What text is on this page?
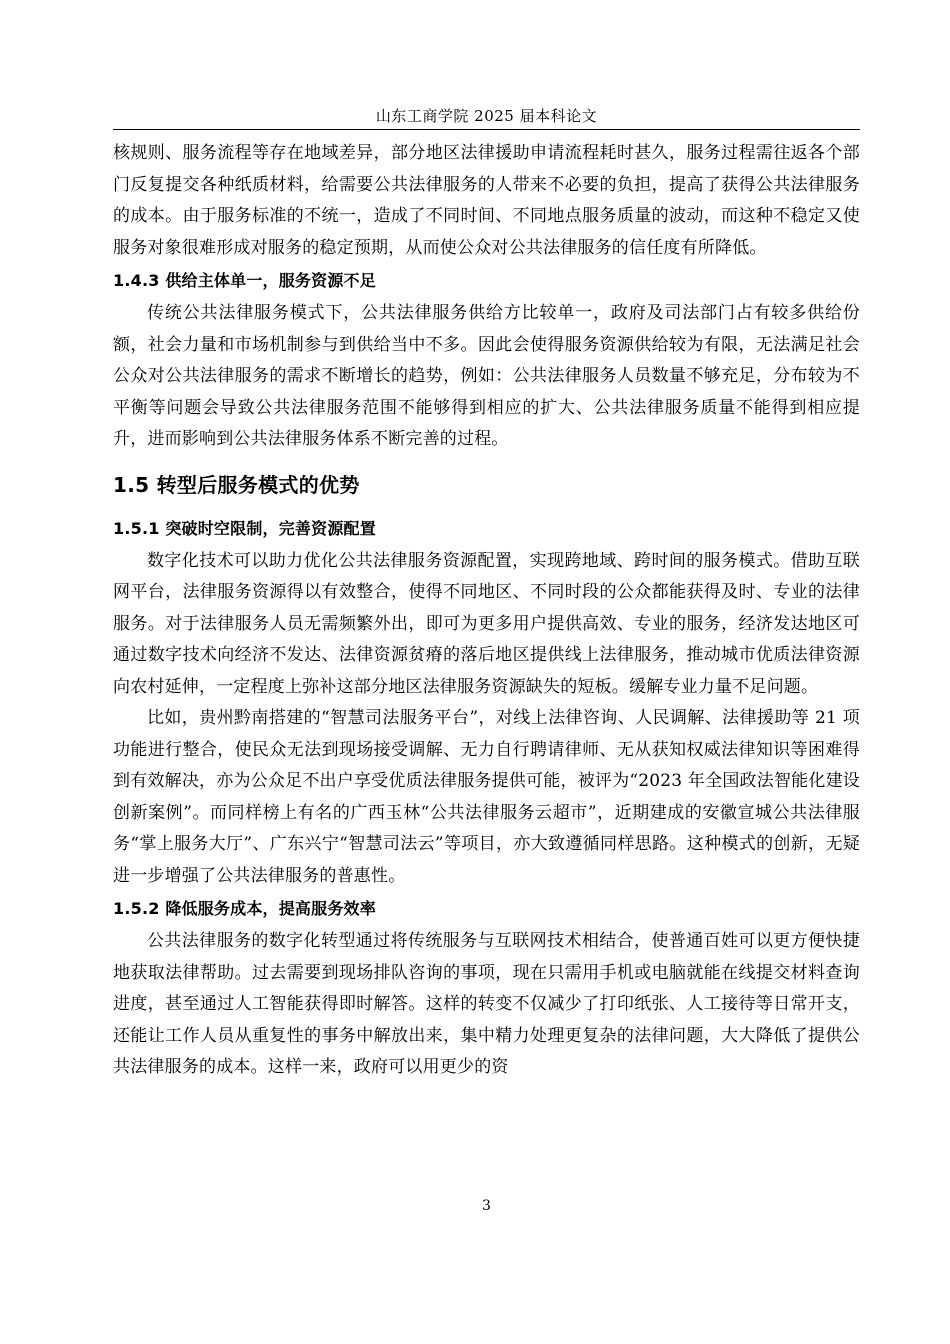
山东工商学院 2025 届本科论文

核规则、服务流程等存在地域差异，部分地区法律援助申请流程耗时甚久，服务过程需往返各个部门反复提交各种纸质材料，给需要公共法律服务的人带来不必要的负担，提高了获得公共法律服务的成本。由于服务标准的不统一，造成了不同时间、不同地点服务质量的波动，而这种不稳定又使服务对象很难形成对服务的稳定预期，从而使公众对公共法律服务的信任度有所降低。

1.4.3 供给主体单一，服务资源不足

传统公共法律服务模式下，公共法律服务供给方比较单一，政府及司法部门占有较多供给份额，社会力量和市场机制参与到供给当中不多。因此会使得服务资源供给较为有限，无法满足社会公众对公共法律服务的需求不断增长的趋势，例如：公共法律服务人员数量不够充足，分布较为不平衡等问题会导致公共法律服务范围不能够得到相应的扩大、公共法律服务质量不能得到相应提升，进而影响到公共法律服务体系不断完善的过程。

1.5 转型后服务模式的优势
1.5.1 突破时空限制，完善资源配置

数字化技术可以助力优化公共法律服务资源配置，实现跨地域、跨时间的服务模式。借助互联网平台，法律服务资源得以有效整合，使得不同地区、不同时段的公众都能获得及时、专业的法律服务。对于法律服务人员无需频繁外出，即可为更多用户提供高效、专业的服务，经济发达地区可通过数字技术向经济不发达、法律资源贫瘠的落后地区提供线上法律服务，推动城市优质法律资源向农村延伸，一定程度上弥补这部分地区法律服务资源缺失的短板。缓解专业力量不足问题。

比如，贵州黔南搭建的“智慧司法服务平台”，对线上法律咨询、人民调解、法律援助等 21 项功能进行整合，使民众无法到现场接受调解、无力自行聘请律师、无从获知权威法律知识等困难得到有效解决，亦为公众足不出户享受优质法律服务提供可能，被评为“2023 年全国政法智能化建设创新案例”。而同样榜上有名的广西玉林“公共法律服务云超市”，近期建成的安徽宣城公共法律服务“掌上服务大厅”、广东兴宁“智慧司法云”等项目，亦大致遵循同样思路。这种模式的创新，无疑进一步增强了公共法律服务的普惠性。

1.5.2 降低服务成本，提高服务效率

公共法律服务的数字化转型通过将传统服务与互联网技术相结合，使普通百姓可以更方便快捷地获取法律帮助。过去需要到现场排队咨询的事项，现在只需用手机或电脑就能在线提交材料查询进度，甚至通过人工智能获得即时解答。这样的转变不仅减少了打印纸张、人工接待等日常开支，还能让工作人员从重复性的事务中解放出来，集中精力处理更复杂的法律问题，大大降低了提供公共法律服务的成本。这样一来，政府可以用更少的资

3
